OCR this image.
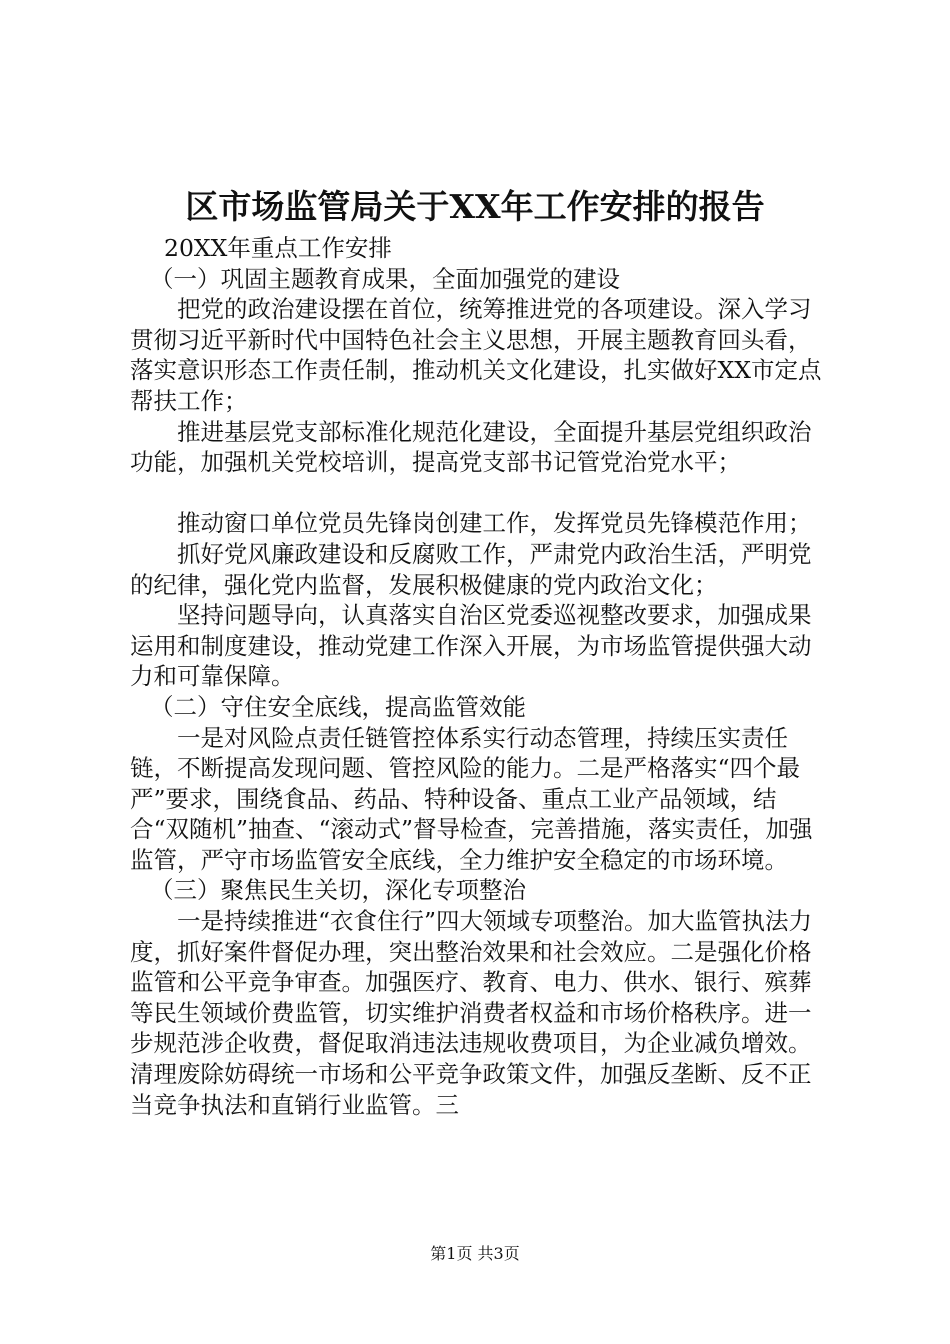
区市场监管局关于XX年工作安排的报告

20XX年重点工作安排

（一）巩固主题教育成果，全面加强党的建设

把党的政治建设摆在首位，统筹推进党的各项建设。深入学习贯彻习近平新时代中国特色社会主义思想，开展主题教育回头看，落实意识形态工作责任制，推动机关文化建设，扎实做好XX市定点帮扶工作；

推进基层党支部标准化规范化建设，全面提升基层党组织政治功能，加强机关党校培训，提高党支部书记管党治党水平；

推动窗口单位党员先锋岗创建工作，发挥党员先锋模范作用；

抓好党风廉政建设和反腐败工作，严肃党内政治生活，严明党的纪律，强化党内监督，发展积极健康的党内政治文化；

坚持问题导向，认真落实自治区党委巡视整改要求，加强成果运用和制度建设，推动党建工作深入开展，为市场监管提供强大动力和可靠保障。

（二）守住安全底线，提高监管效能

一是对风险点责任链管控体系实行动态管理，持续压实责任链，不断提高发现问题、管控风险的能力。二是严格落实“四个最严”要求，围绕食品、药品、特种设备、重点工业产品领域，结合“双随机”抽查、“滚动式”督导检查，完善措施，落实责任，加强监管，严守市场监管安全底线，全力维护安全稳定的市场环境。

（三）聚焦民生关切，深化专项整治

一是持续推进“衣食住行”四大领域专项整治。加大监管执法力度，抓好案件督促办理，突出整治效果和社会效应。二是强化价格监管和公平竞争审查。加强医疗、教育、电力、供水、银行、殡葬等民生领域价费监管，切实维护消费者权益和市场价格秩序。进一步规范涉企收费，督促取消违法违规收费项目，为企业减负增效。清理废除妨碍统一市场和公平竞争政策文件，加强反垄断、反不正当竞争执法和直销行业监管。三

第1页 共3页
